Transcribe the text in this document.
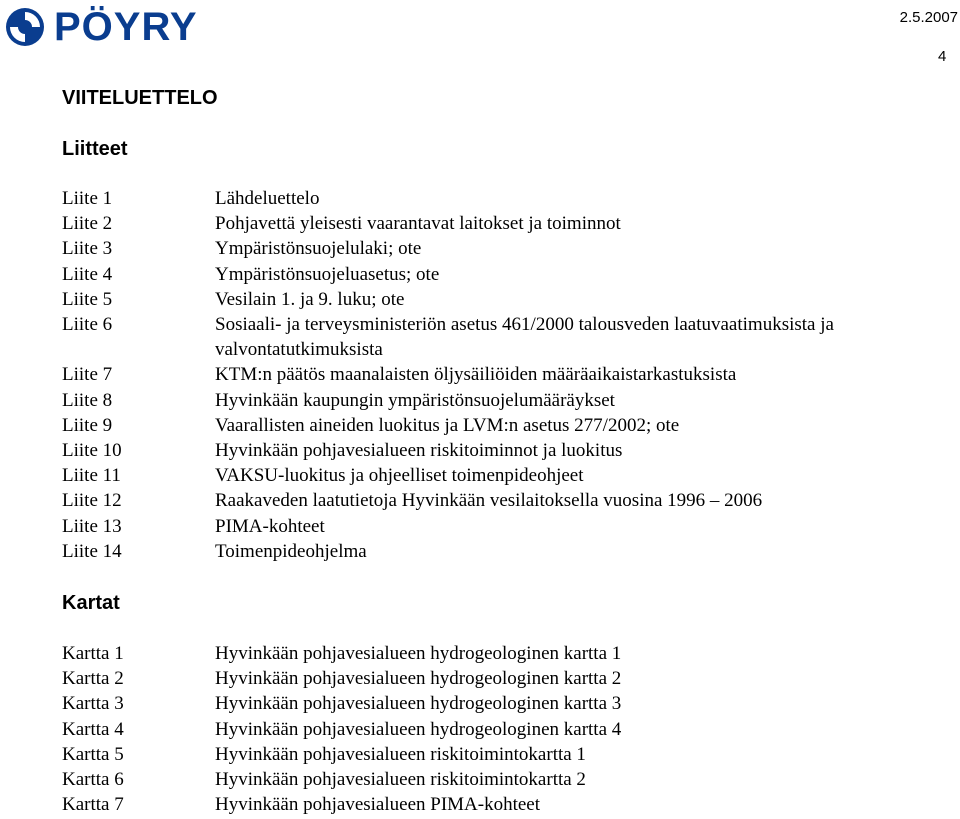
PÖYRY	2.5.2007
4
VIITELUETTELO
Liitteet
Liite 1	Lähdeluettelo
Liite 2	Pohjavettä yleisesti vaarantavat laitokset ja toiminnot
Liite 3	Ympäristönsuojelulaki; ote
Liite 4	Ympäristönsuojeluasetus; ote
Liite 5	Vesilain 1. ja 9. luku; ote
Liite 6	Sosiaali- ja terveysministeriön asetus 461/2000 talousveden laatuvaatimuksista ja valvontatutkimuksista
Liite 7	KTM:n päätös maanalaisten öljysäiliöiden määräaikaistarkastuksista
Liite 8	Hyvinkään kaupungin ympäristönsuojelumääräykset
Liite 9	Vaarallisten aineiden luokitus ja LVM:n asetus 277/2002; ote
Liite 10	Hyvinkään pohjavesialueen riskitoiminnot ja luokitus
Liite 11	VAKSU-luokitus ja ohjeelliset toimenpideohjeet
Liite 12	Raakaveden laatutietoja Hyvinkään vesilaitoksella vuosina 1996 – 2006
Liite 13	PIMA-kohteet
Liite 14	Toimenpideohjelma
Kartat
Kartta 1	Hyvinkään pohjavesialueen hydrogeologinen kartta 1
Kartta 2	Hyvinkään pohjavesialueen hydrogeologinen kartta 2
Kartta 3	Hyvinkään pohjavesialueen hydrogeologinen kartta 3
Kartta 4	Hyvinkään pohjavesialueen hydrogeologinen kartta 4
Kartta 5	Hyvinkään pohjavesialueen riskitoimintokartta 1
Kartta 6	Hyvinkään pohjavesialueen riskitoimintokartta 2
Kartta 7	Hyvinkään pohjavesialueen PIMA-kohteet
